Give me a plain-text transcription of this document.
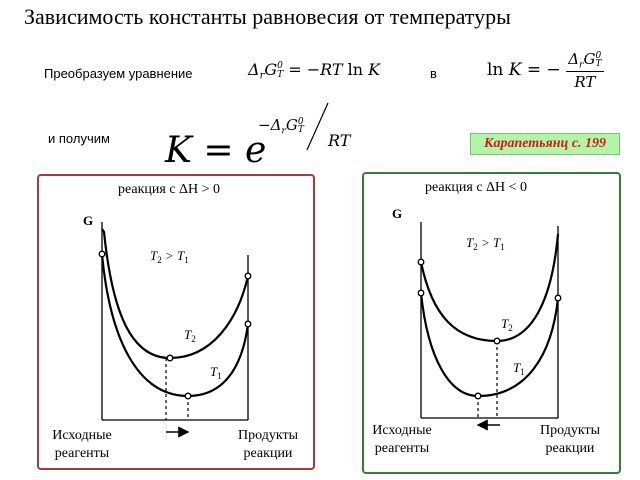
Зависимость константы равновесия от температуры
Преобразуем уравнение	$\Delta_rG$ 0
T = −RT ln K	в	ln K = − $\Delta_rG$ 0
T
RT
и получим K = e
$-\Delta_rG$ 0
T
RT	Карапетьянц с. 199
реакция с ΔH > 0
G
$T_2 > T_1$
$T_2$
$T_1$
Исходные
реагенты
Продукты
реакции
реакция с ΔH < 0
G
$T_2 > T_1$
$T_2$
$T_1$
Исходные
реагенты
Продукты
реакции
